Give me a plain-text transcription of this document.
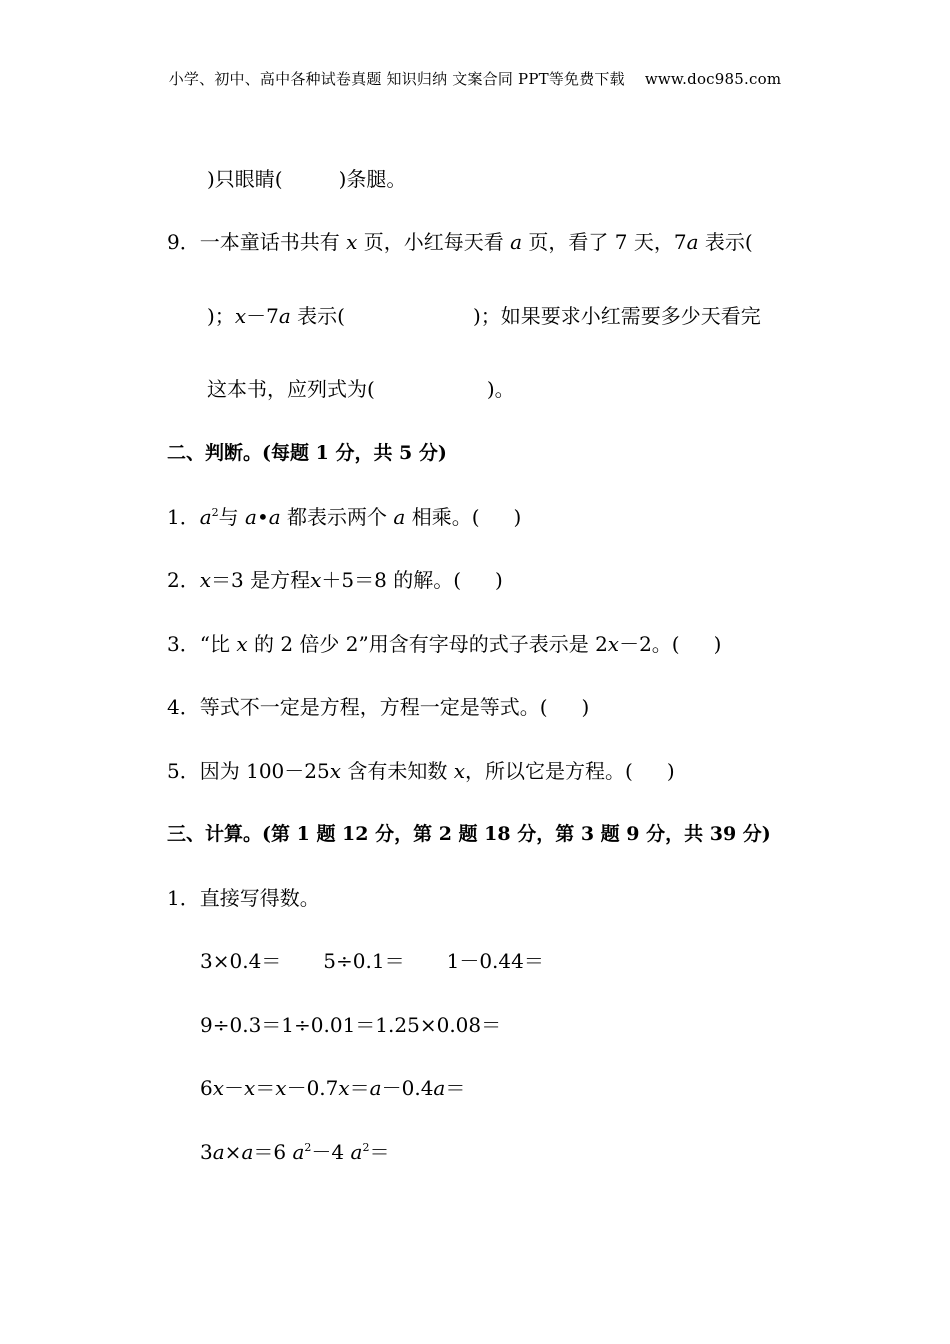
小学、初中、高中各种试卷真题 知识归纳 文案合同 PPT等免费下载 www.doc985.com
)只眼睛(	)条腿。
9．一本童话书共有 x 页，小红每天看 a 页，看了 7 天，7a 表示(
)；x－7a 表示(	)；如果要求小红需要多少天看完
这本书，应列式为(	)。
二、判断。(每题 1 分，共 5 分)
1．$a^2$与 a•a 都表示两个 a 相乘。( )
2．x＝3 是方程x＋5＝8 的解。( )
3．“比 x 的 2 倍少 2”用含有字母的式子表示是 2x－2。( )
4．等式不一定是方程，方程一定是等式。( )
5．因为 100－25x 含有未知数 x，所以它是方程。( )
三、计算。(第 1 题 12 分，第 2 题 18 分，第 3 题 9 分，共 39 分)
1．直接写得数。
3×0.4＝ 5÷0.1＝ 1－0.44＝
9÷0.3＝1÷0.01＝1.25×0.08＝
6x－x＝x－0.7x＝a－0.4a＝
3a×a＝6 $a^2-4$ $a^2=$
